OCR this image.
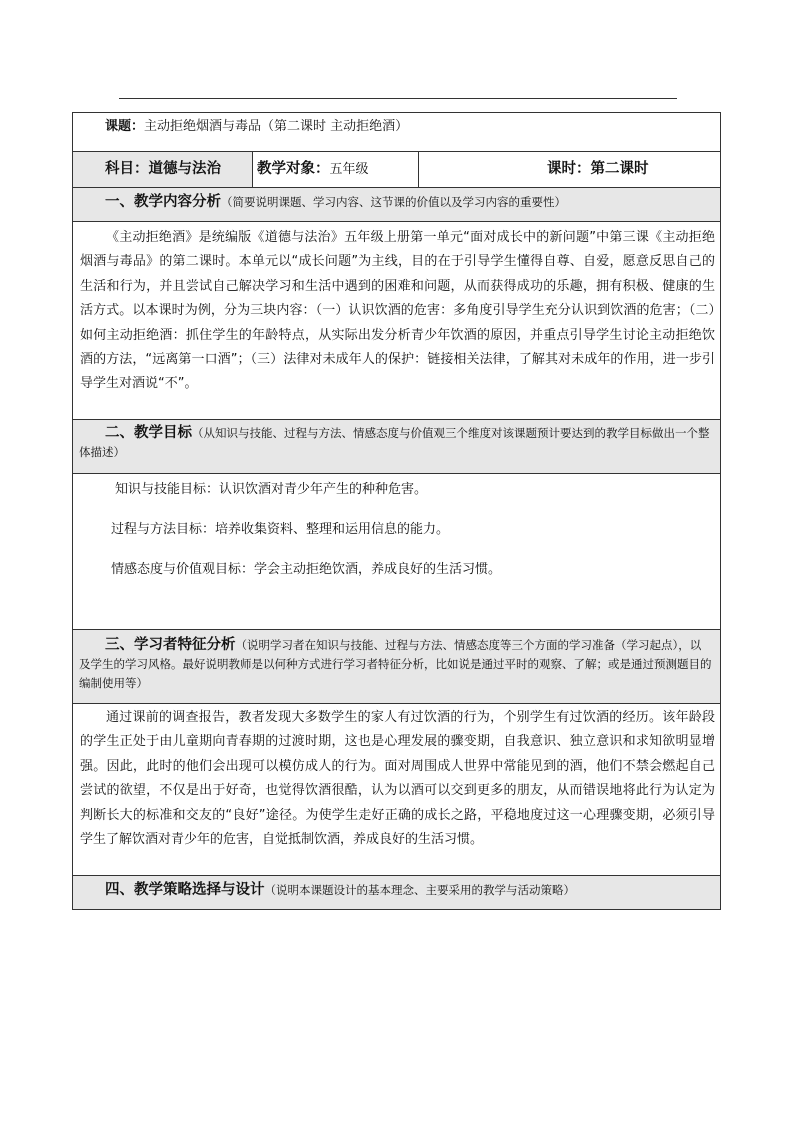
课题：主动拒绝烟酒与毒品（第二课时 主动拒绝酒）
科目：道德与法治	教学对象：五年级	课时：第二课时
一、教学内容分析（简要说明课题、学习内容、这节课的价值以及学习内容的重要性）
《主动拒绝酒》是统编版《道德与法治》五年级上册第一单元“面对成长中的新问题”中第三课《主动拒绝烟酒与毒品》的第二课时。本单元以“成长问题”为主线，目的在于引导学生懂得自尊、自爱，愿意反思自己的生活和行为，并且尝试自己解决学习和生活中遇到的困难和问题，从而获得成功的乐趣，拥有积极、健康的生活方式。以本课时为例，分为三块内容：（一）认识饮酒的危害：多角度引导学生充分认识到饮酒的危害；（二）如何主动拒绝酒：抓住学生的年龄特点，从实际出发分析青少年饮酒的原因，并重点引导学生讨论主动拒绝饮酒的方法，“远离第一口酒”；（三）法律对未成年人的保护：链接相关法律，了解其对未成年的作用，进一步引导学生对酒说“不”。
二、教学目标（从知识与技能、过程与方法、情感态度与价值观三个维度对该课题预计要达到的教学目标做出一个整体描述）

知识与技能目标：认识饮酒对青少年产生的种种危害。

过程与方法目标：培养收集资料、整理和运用信息的能力。

情感态度与价值观目标：学会主动拒绝饮酒，养成良好的生活习惯。

三、学习者特征分析（说明学习者在知识与技能、过程与方法、情感态度等三个方面的学习准备（学习起点），以及学生的学习风格。最好说明教师是以何种方式进行学习者特征分析，比如说是通过平时的观察、了解；或是通过预测题目的编制使用等）
通过课前的调查报告，教者发现大多数学生的家人有过饮酒的行为，个别学生有过饮酒的经历。该年龄段的学生正处于由儿童期向青春期的过渡时期，这也是心理发展的骤变期，自我意识、独立意识和求知欲明显增强。因此，此时的他们会出现可以模仿成人的行为。面对周围成人世界中常能见到的酒，他们不禁会燃起自己尝试的欲望，不仅是出于好奇，也觉得饮酒很酷，认为以酒可以交到更多的朋友，从而错误地将此行为认定为判断长大的标准和交友的“良好”途径。为使学生走好正确的成长之路，平稳地度过这一心理骤变期，必须引导学生了解饮酒对青少年的危害，自觉抵制饮酒，养成良好的生活习惯。
四、教学策略选择与设计（说明本课题设计的基本理念、主要采用的教学与活动策略）
